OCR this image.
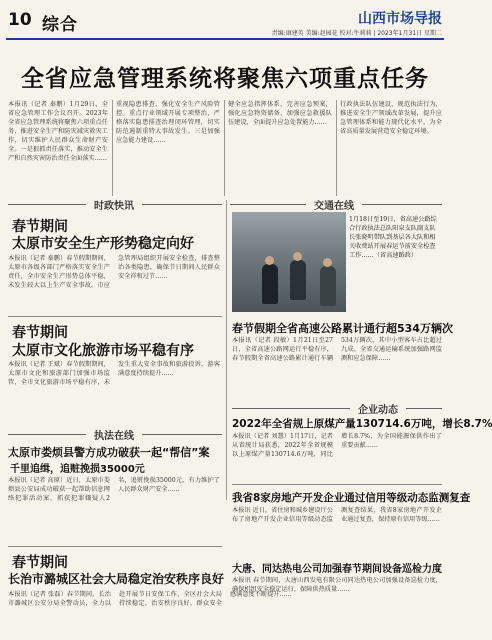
10 综合	山西市场导报
责编:康建英 美编:赵园花 校对:牛莉莉 | 2023年1月31日 星期二
全省应急管理系统将聚焦六项重点任务
本报讯（记者 秦鹏）1月29日，全省应急管理工作会议召开。2023年全省应急管理系统将聚焦六项重点任务，推进安全生产和防灾减灾救灾工作，切实维护人民群众生命财产安全。一是狠抓责任落实，推动安全生产和自然灾害防治责任全面落实……
重视隐患排查，强化安全生产风险管控。重点行业领域开展专项整治，严格落实隐患排查治理闭环管理，切实防范遏制重特大事故发生。三是加强应急能力建设……
健全应急指挥体系，完善应急预案，强化应急物资储备，加强应急救援队伍建设，全面提升应急处置能力……
行政执法队伍建设，规范执法行为，推进安全生产领域改革发展，提升应急管理体系和能力现代化水平，为全省高质量发展营造安全稳定环境。
时政快讯	交通在线
春节期间
太原市安全生产形势稳定向好
本报讯（记者 秦鹏）春节假期期间，太原市各级各部门严格落实安全生产责任，全市安全生产形势总体平稳，未发生较大以上生产安全事故。市应急管理局组织开展安全检查，排查整治各类隐患，确保节日期间人民群众安全祥和过节……
春节期间
太原市文化旅游市场平稳有序
本报讯（记者 王斌）春节假期期间，太原市文化和旅游部门加强市场监管，全市文化旅游市场平稳有序，未发生重大安全事故和旅游投诉，游客满意度持续提升……
执法在线
太原市娄烦县警方成功破获一起“帮信”案
千里追缉，追赃挽损35000元
本报讯（记者 高原）近日，太原市娄烦县公安局成功破获一起帮助信息网络犯罪活动案，抓获犯罪嫌疑人2名，追赃挽损35000元，有力维护了人民群众财产安全……
春节期间
长治市潞城区社会大局稳定治安秩序良好
本报讯（记者 张磊）春节期间，长治市潞城区公安分局全警动员，全力以赴开展节日安保工作，全区社会大局持续稳定，治安秩序良好，群众安全感满意度不断提升……
1月18日至19日，省高速公路综合行政执法总队阳泉支队副支队长张晓明带队到基层各大队和相关收费站开展春运节前安全检查工作……（省高速路政）
春节假期全省高速公路累计通行超534万辆次
本报讯（记者 段敏）1月21日至27日，全省高速公路网运行平稳有序，春节假期全省高速公路累计通行车辆534万辆次，其中小型客车占比超过九成。全省交通运输系统加强路网监测和应急保障……
企业动态
2022年全省规上原煤产量130714.6万吨，增长8.7%
本报讯（记者 刘慧）1月17日，记者从省统计局获悉，2022年全省规模以上原煤产量130714.6万吨，同比增长8.7%，为全国能源保供作出了重要贡献……
我省8家房地产开发企业通过信用等级动态监测复查
本报讯 近日，省住房和城乡建设厅公布了房地产开发企业信用等级动态监测复查结果，我省8家房地产开发企业通过复查，保持原有信用等级……
大唐、同达热电公司加强春节期间设备巡检力度
本报讯 春节期间，大唐山西发电有限公司同达热电公司加强设备巡检力度，确保机组安全稳定运行，保障供热质量……
